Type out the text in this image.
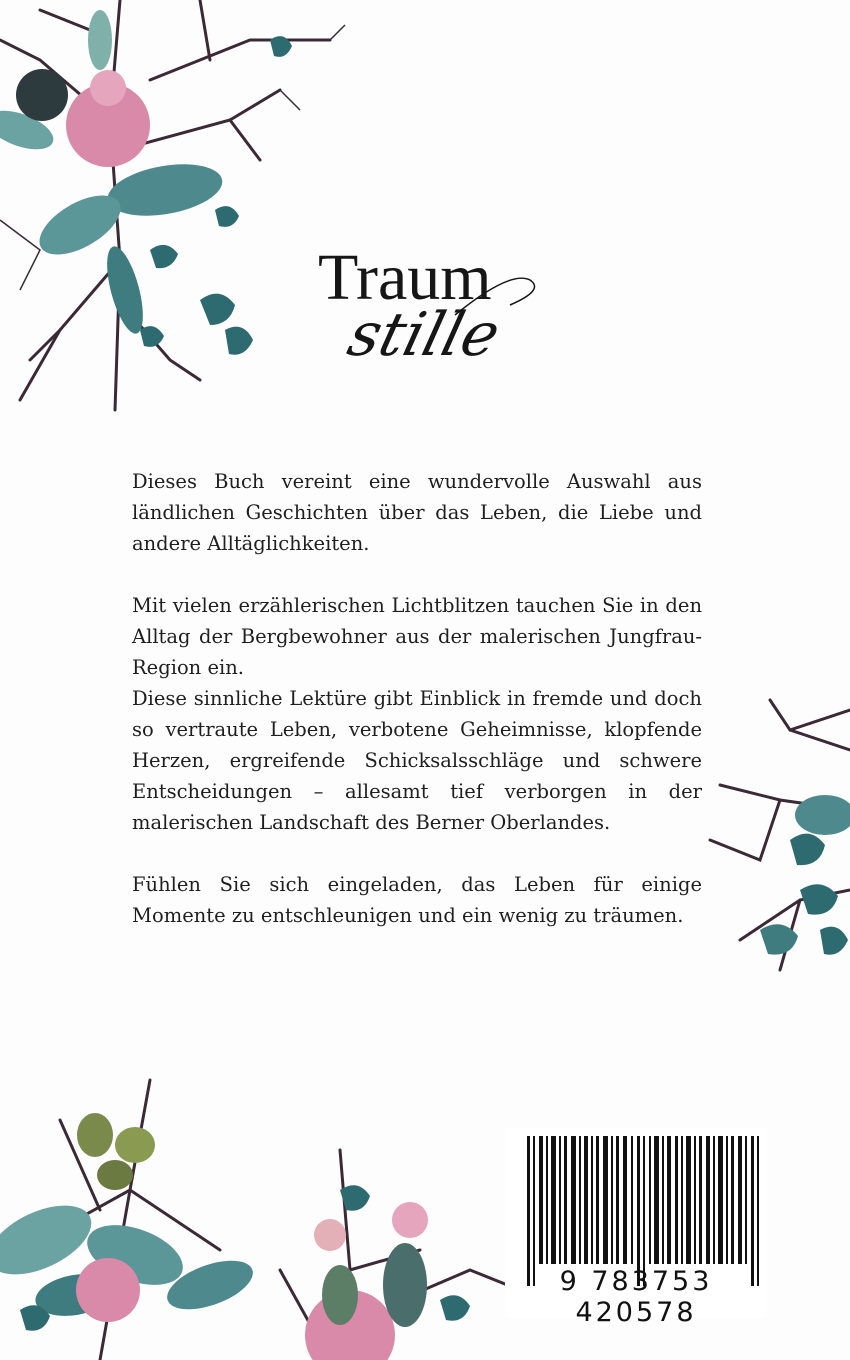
Traum
stille

Dieses Buch vereint eine wundervolle Auswahl aus ländlichen Geschichten über das Leben, die Liebe und andere Alltäglichkeiten.

Mit vielen erzählerischen Lichtblitzen tauchen Sie in den Alltag der Bergbewohner aus der malerischen Jungfrau-Region ein.

Diese sinnliche Lektüre gibt Einblick in fremde und doch so vertraute Leben, verbotene Geheimnisse, klopfende Herzen, ergreifende Schicksalsschläge und schwere Entscheidungen – allesamt tief verborgen in der malerischen Landschaft des Berner Oberlandes.

Fühlen Sie sich eingeladen, das Leben für einige Momente zu entschleunigen und ein wenig zu träumen.

9 783753 420578
